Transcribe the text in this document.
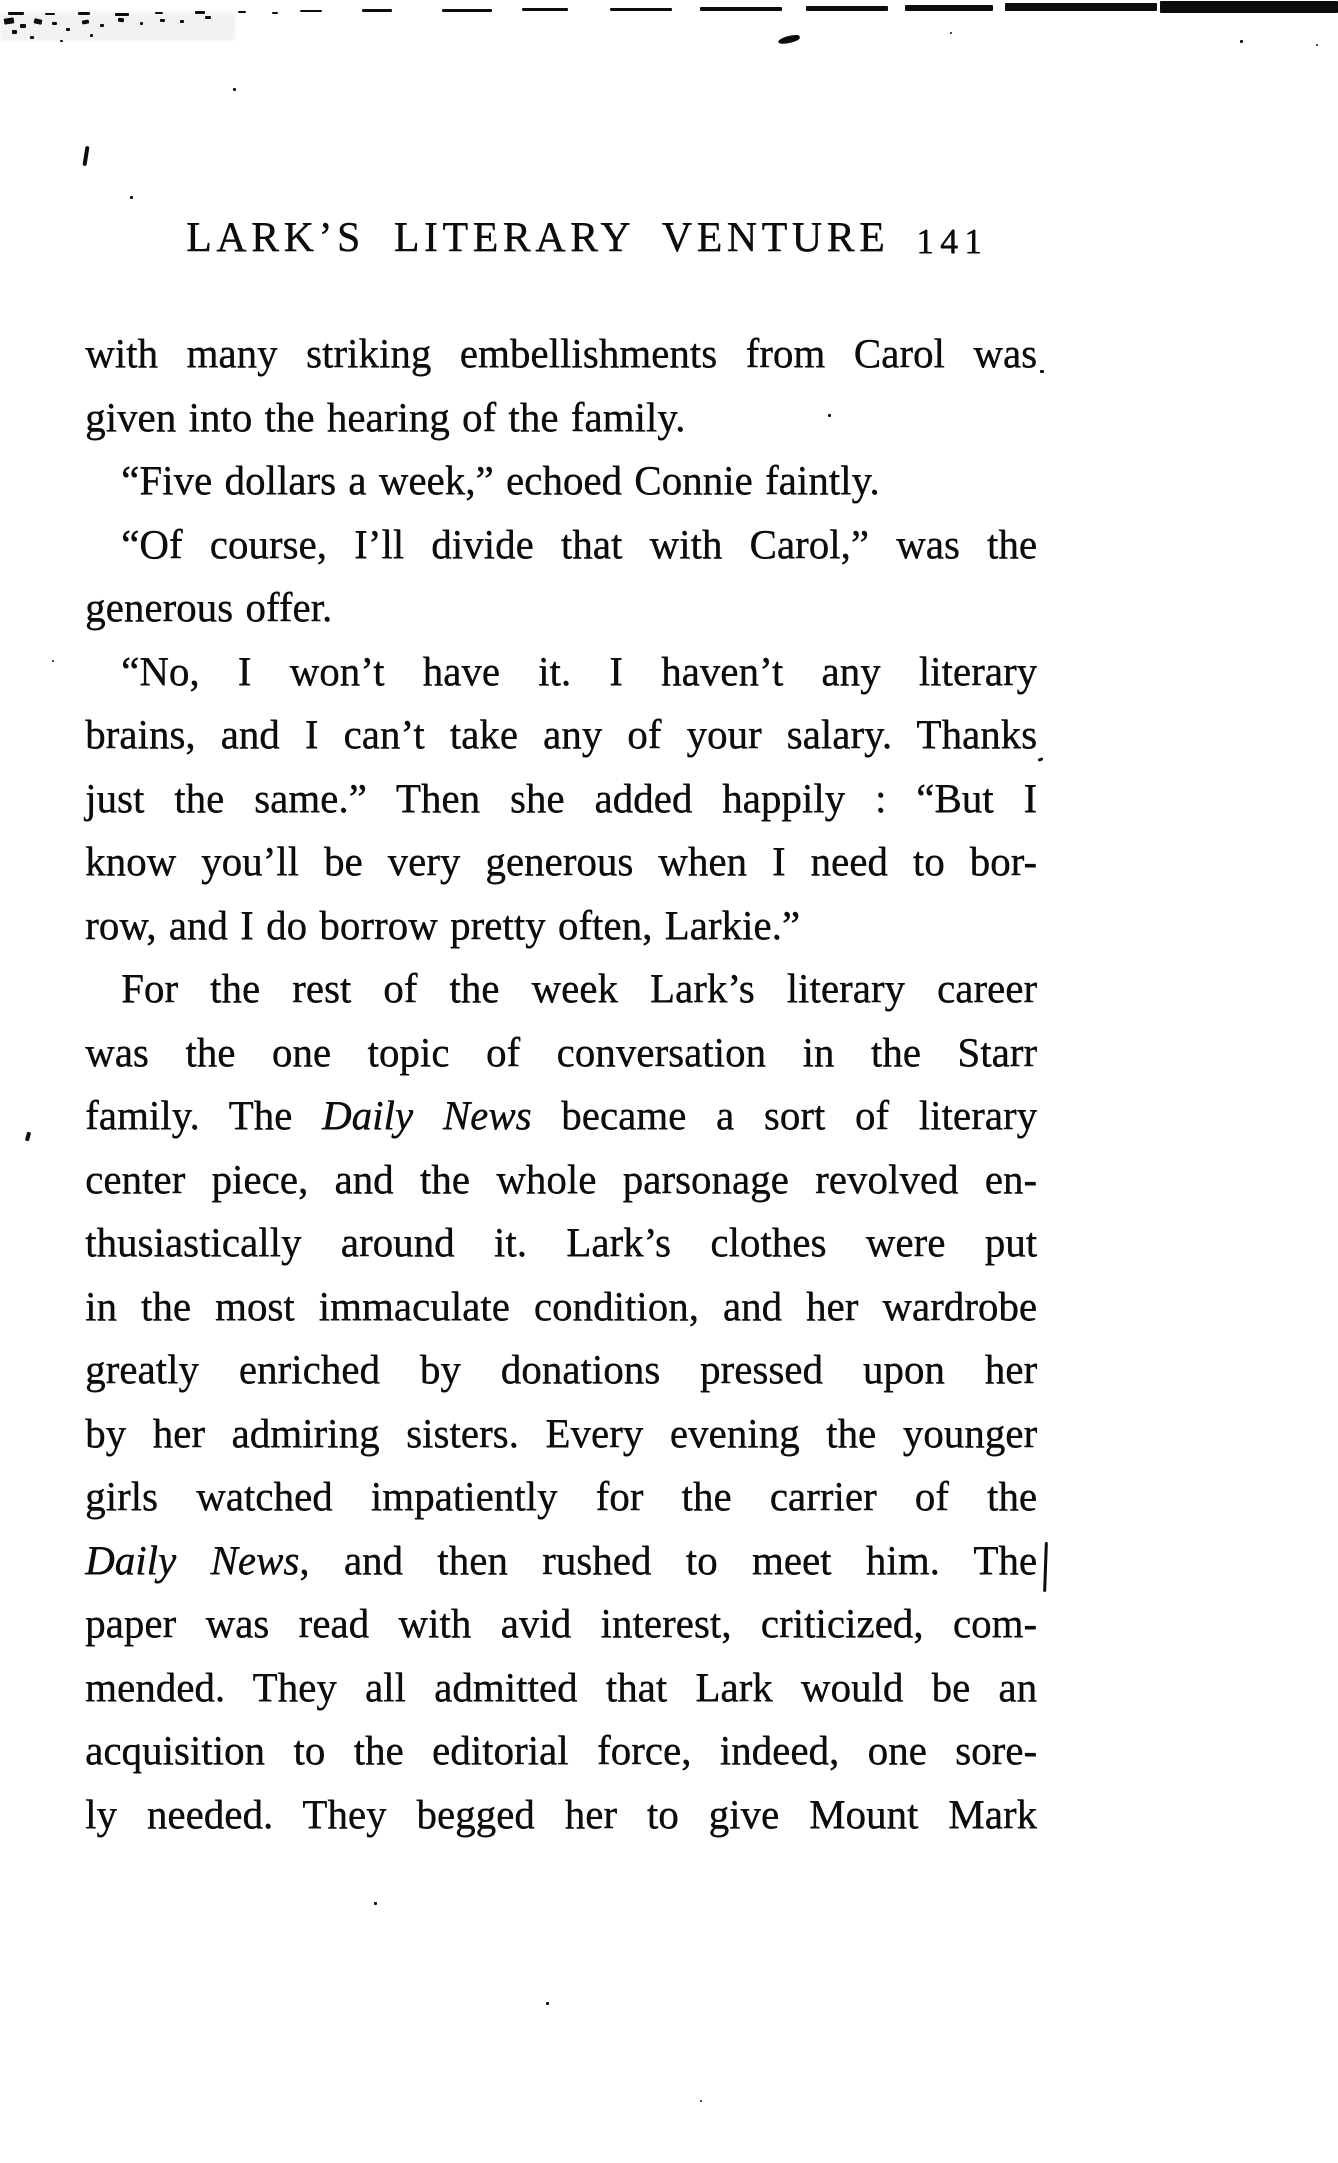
LARK’S LITERARY VENTURE 141
with many striking embellishments from Carol was
given into the hearing of the family.
“Five dollars a week,” echoed Connie faintly.
“Of course, I’ll divide that with Carol,” was the
generous offer.
“No, I won’t have it. I haven’t any literary
brains, and I can’t take any of your salary. Thanks
just the same.” Then she added happily : “But I
know you’ll be very generous when I need to bor-
row, and I do borrow pretty often, Larkie.”
For the rest of the week Lark’s literary career
was the one topic of conversation in the Starr
family. The Daily News became a sort of literary
center piece, and the whole parsonage revolved en-
thusiastically around it. Lark’s clothes were put
in the most immaculate condition, and her wardrobe
greatly enriched by donations pressed upon her
by her admiring sisters. Every evening the younger
girls watched impatiently for the carrier of the
Daily News, and then rushed to meet him. The
paper was read with avid interest, criticized, com-
mended. They all admitted that Lark would be an
acquisition to the editorial force, indeed, one sore-
ly needed. They begged her to give Mount Mark
